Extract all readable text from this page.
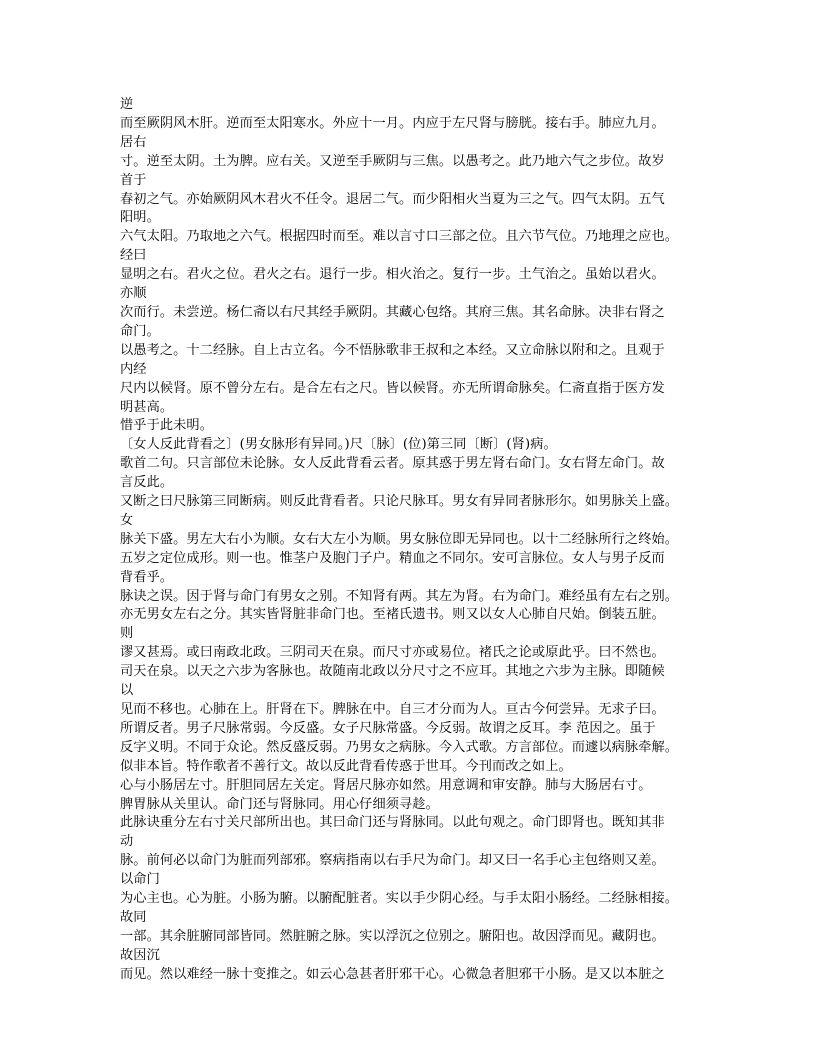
逆
而至厥阴风木肝。逆而至太阳寒水。外应十一月。内应于左尺肾与膀胱。接右手。肺应九月。
居右
寸。逆至太阴。土为脾。应右关。又逆至手厥阴与三焦。以愚考之。此乃地六气之步位。故岁
首于
春初之气。亦始厥阴风木君火不任令。退居二气。而少阳相火当夏为三之气。四气太阴。五气
阳明。
六气太阳。乃取地之六气。根据四时而至。难以言寸口三部之位。且六节气位。乃地理之应也。
经曰
显明之右。君火之位。君火之右。退行一步。相火治之。复行一步。土气治之。虽始以君火。
亦顺
次而行。未尝逆。杨仁斋以右尺其经手厥阴。其藏心包络。其府三焦。其名命脉。决非右肾之
命门。
以愚考之。十二经脉。自上古立名。今不悟脉歌非王叔和之本经。又立命脉以附和之。且观于
内经
尺内以候肾。原不曾分左右。是合左右之尺。皆以候肾。亦无所谓命脉矣。仁斋直指于医方发
明甚高。
惜乎于此未明。
〔女人反此背看之〕(男女脉形有异同。)尺〔脉〕(位)第三同〔断〕(肾)病。
歌首二句。只言部位未论脉。女人反此背看云者。原其惑于男左肾右命门。女右肾左命门。故
言反此。
又断之曰尺脉第三同断病。则反此背看者。只论尺脉耳。男女有异同者脉形尔。如男脉关上盛。
女
脉关下盛。男左大右小为顺。女右大左小为顺。男女脉位即无异同也。以十二经脉所行之终始。
五岁之定位成形。则一也。惟茎户及胞门子户。精血之不同尔。安可言脉位。女人与男子反而
背看乎。
脉诀之误。因于肾与命门有男女之别。不知肾有两。其左为肾。右为命门。难经虽有左右之别。
亦无男女左右之分。其实皆肾脏非命门也。至褚氏遗书。则又以女人心肺自尺始。倒装五脏。
则
谬又甚焉。或曰南政北政。三阴司天在泉。而尺寸亦或易位。褚氏之论或原此乎。曰不然也。
司天在泉。以天之六步为客脉也。故随南北政以分尺寸之不应耳。其地之六步为主脉。即随候
以
见而不移也。心肺在上。肝肾在下。脾脉在中。自三才分而为人。亘古今何尝异。无求子曰。
所谓反者。男子尺脉常弱。今反盛。女子尺脉常盛。今反弱。故谓之反耳。李 范因之。虽于
反字义明。不同于众论。然反盛反弱。乃男女之病脉。今入式歌。方言部位。而遽以病脉牵解。
似非本旨。特作歌者不善行文。故以反此背看传惑于世耳。今刊而改之如上。
心与小肠居左寸。肝胆同居左关定。肾居尺脉亦如然。用意调和审安静。肺与大肠居右寸。
脾胃脉从关里认。命门还与肾脉同。用心仔细须寻趁。
此脉诀重分左右寸关尺部所出也。其曰命门还与肾脉同。以此句观之。命门即肾也。既知其非
动
脉。前何必以命门为脏而列部邪。察病指南以右手尺为命门。却又曰一名手心主包络则又差。
以命门
为心主也。心为脏。小肠为腑。以腑配脏者。实以手少阴心经。与手太阳小肠经。二经脉相接。
故同
一部。其余脏腑同部皆同。然脏腑之脉。实以浮沉之位别之。腑阳也。故因浮而见。藏阴也。
故因沉
而见。然以难经一脉十变推之。如云心急甚者肝邪干心。心微急者胆邪干小肠。是又以本脏之
